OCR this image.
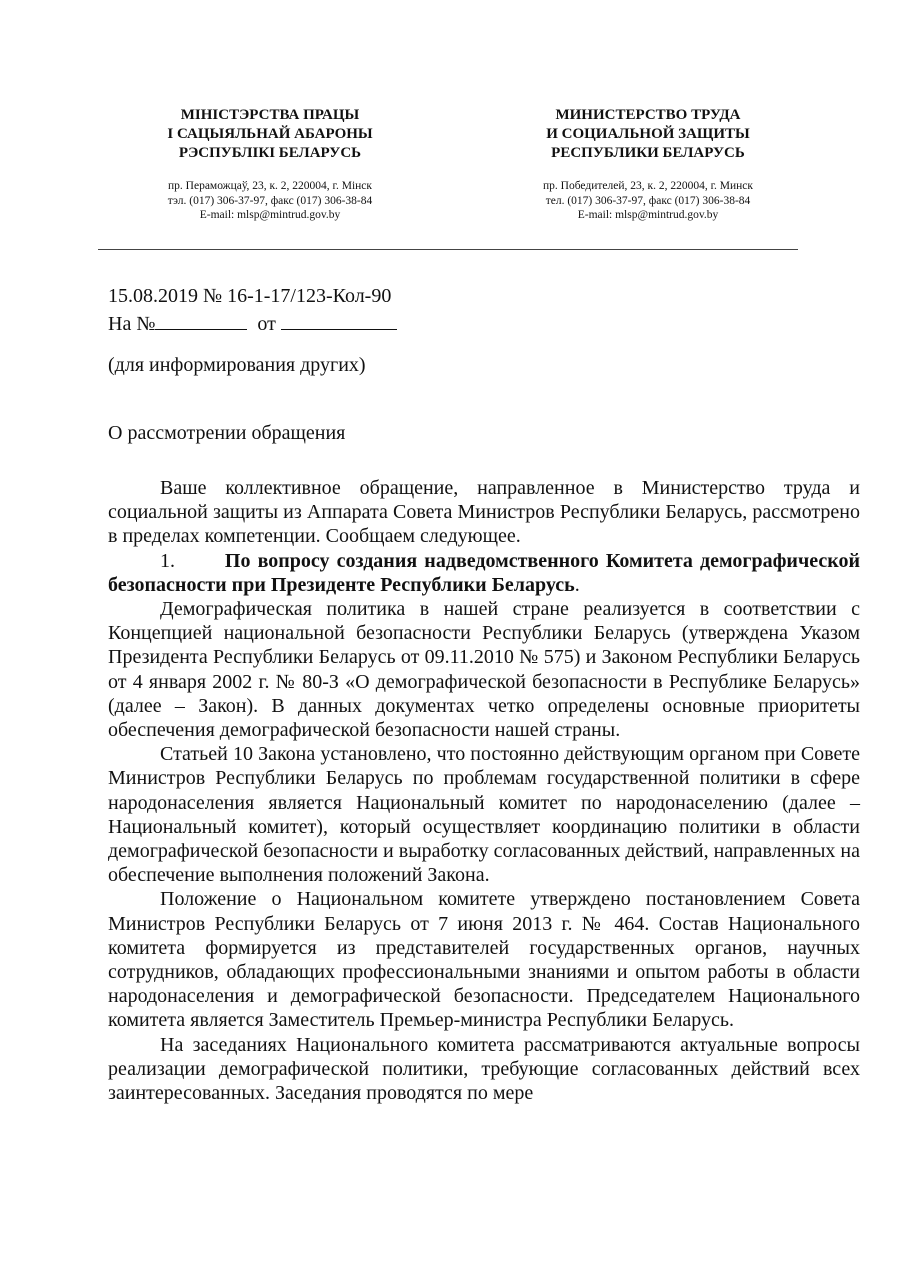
МІНІСТЭРСТВА ПРАЦЫ
І САЦЫЯЛЬНАЙ АБАРОНЫ
РЭСПУБЛІКІ БЕЛАРУСЬ
пр. Пераможцаў, 23, к. 2, 220004, г. Мінск
тэл. (017) 306-37-97, факс (017) 306-38-84
E-mail: mlsp@mintrud.gov.by
МИНИСТЕРСТВО ТРУДА
И СОЦИАЛЬНОЙ ЗАЩИТЫ
РЕСПУБЛИКИ БЕЛАРУСЬ
пр. Победителей, 23, к. 2, 220004, г. Минск
тел. (017) 306-37-97, факс (017) 306-38-84
E-mail: mlsp@mintrud.gov.by
15.08.2019 № 16-1-17/123-Кол-90
На №	от
(для информирования других)
О рассмотрении обращения

Ваше коллективное обращение, направленное в Министерство труда и социальной защиты из Аппарата Совета Министров Республики Беларусь, рассмотрено в пределах компетенции. Сообщаем следующее.

1. По вопросу создания надведомственного Комитета демографической безопасности при Президенте Республики Беларусь.

Демографическая политика в нашей стране реализуется в соответствии с Концепцией национальной безопасности Республики Беларусь (утверждена Указом Президента Республики Беларусь от 09.11.2010 № 575) и Законом Республики Беларусь от 4 января 2002 г. № 80-З «О демографической безопасности в Республике Беларусь» (далее – Закон). В данных документах четко определены основные приоритеты обеспечения демографической безопасности нашей страны.

Статьей 10 Закона установлено, что постоянно действующим органом при Совете Министров Республики Беларусь по проблемам государственной политики в сфере народонаселения является Национальный комитет по народонаселению (далее – Национальный комитет), который осуществляет координацию политики в области демографической безопасности и выработку согласованных действий, направленных на обеспечение выполнения положений Закона.

Положение о Национальном комитете утверждено постановлением Совета Министров Республики Беларусь от 7 июня 2013 г. № 464. Состав Национального комитета формируется из представителей государственных органов, научных сотрудников, обладающих профессиональными знаниями и опытом работы в области народонаселения и демографической безопасности. Председателем Национального комитета является Заместитель Премьер-министра Республики Беларусь.

На заседаниях Национального комитета рассматриваются актуальные вопросы реализации демографической политики, требующие согласованных действий всех заинтересованных. Заседания проводятся по мере
